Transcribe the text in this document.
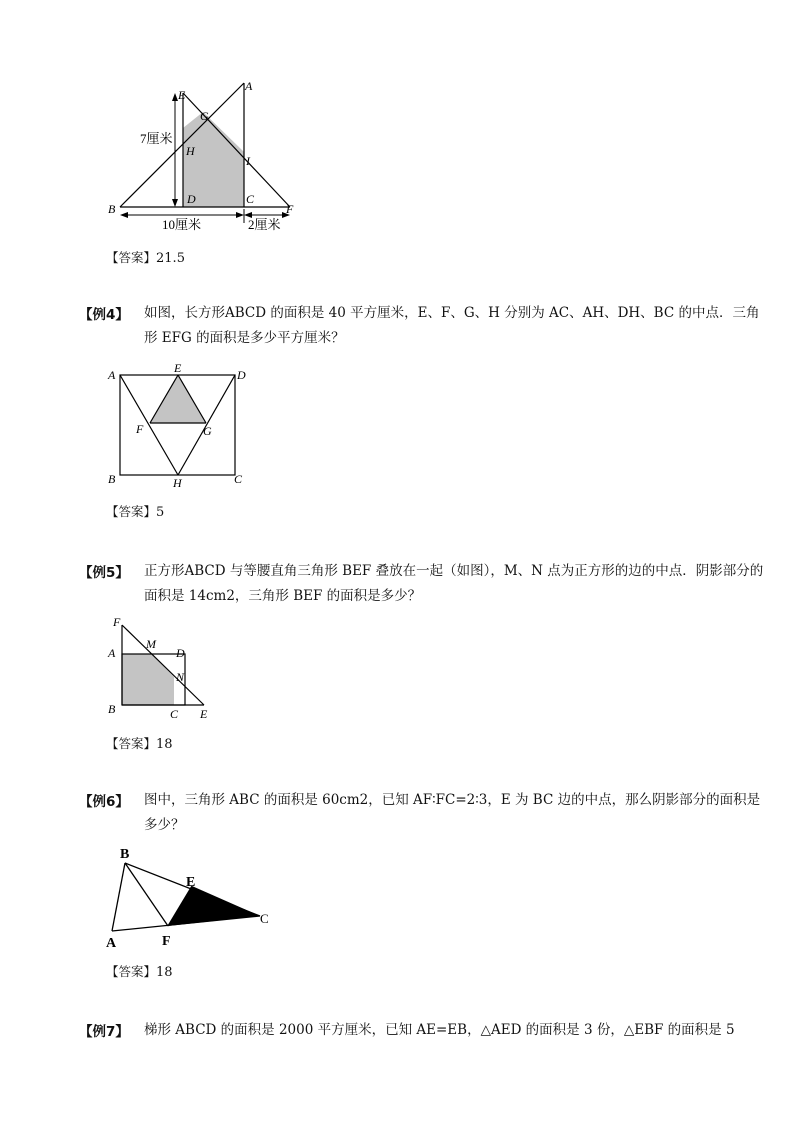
E
A
G
H
I
D	C
B	F
7厘米
10厘米	2厘米
【答案】21.5
【例4】 如图，长方形ABCD 的面积是 40 平方厘米，E、F、G、H 分别为 AC、AH、DH、BC 的中点．三角形 EFG 的面积是多少平方厘米？
A	E	D
F	G
B	H	C
【答案】5
【例5】 正方形ABCD 与等腰直角三角形 BEF 叠放在一起（如图），M、N 点为正方形的边的中点．阴影部分的面积是 14cm2，三角形 BEF 的面积是多少？
F
M
A	D
N
B	C E
【答案】18
【例6】 图中，三角形 ABC 的面积是 60cm2，已知 AF∶FC=2∶3，E 为 BC 边的中点，那么阴影部分的面积是多少？
B
E
C
A	F
【答案】18
【例7】 梯形 ABCD 的面积是 2000 平方厘米，已知 AE=EB，△AED 的面积是 3 份，△EBF 的面积是 5
